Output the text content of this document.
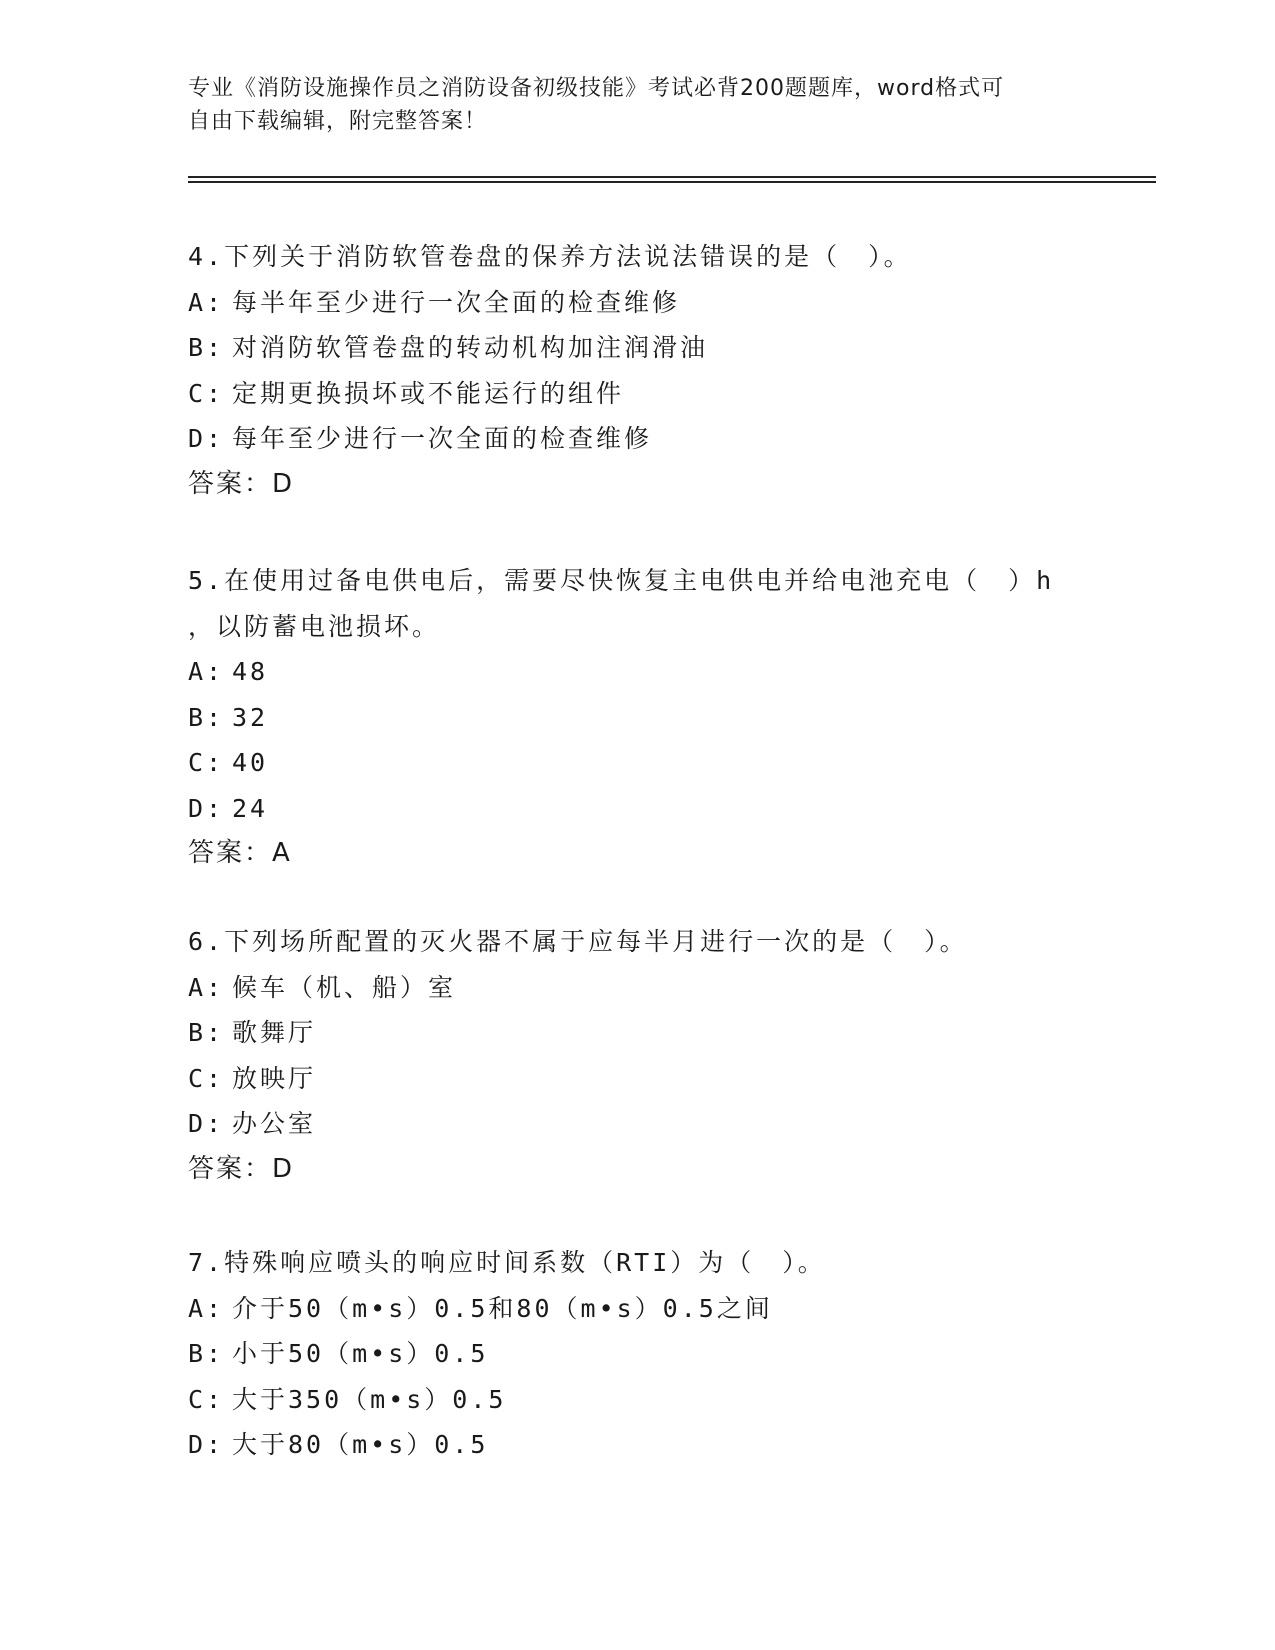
专业《消防设施操作员之消防设备初级技能》考试必背200题题库，word格式可
自由下载编辑，附完整答案！
4.下列关于消防软管卷盘的保养方法说法错误的是（　）。
A: 每半年至少进行一次全面的检查维修
B: 对消防软管卷盘的转动机构加注润滑油
C: 定期更换损坏或不能运行的组件
D: 每年至少进行一次全面的检查维修
答案：D
5.在使用过备电供电后，需要尽快恢复主电供电并给电池充电（　）h
，以防蓄电池损坏。
A: 48
B: 32
C: 40
D: 24
答案：A
6.下列场所配置的灭火器不属于应每半月进行一次的是（　）。
A: 候车（机、船）室
B: 歌舞厅
C: 放映厅
D: 办公室
答案：D
7.特殊响应喷头的响应时间系数（RTI）为（　）。
A: 介于50（m•s）0.5和80（m•s）0.5之间
B: 小于50（m•s）0.5
C: 大于350（m•s）0.5
D: 大于80（m•s）0.5
